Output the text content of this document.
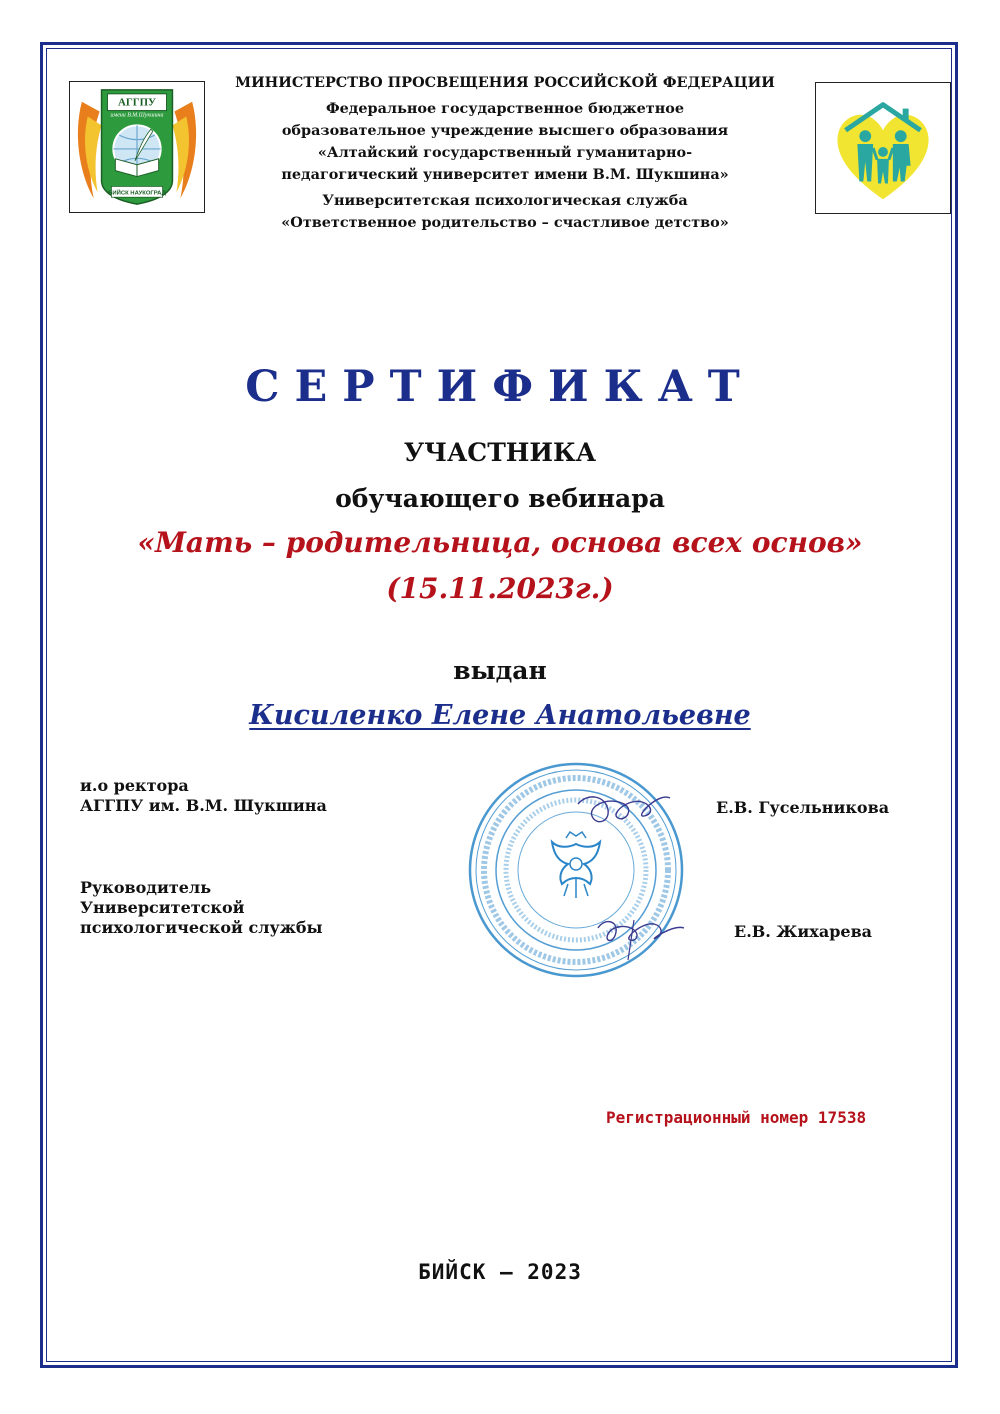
АГГПУ
имени В.М.Шукшина
БИЙСК НАУКОГРАД
МИНИСТЕРСТВО ПРОСВЕЩЕНИЯ РОССИЙСКОЙ ФЕДЕРАЦИИ
Федеральное государственное бюджетное
образовательное учреждение высшего образования
«Алтайский государственный гуманитарно-
педагогический университет имени В.М. Шукшина»
Университетская психологическая служба
«Ответственное родительство – счастливое детство»
СЕРТИФИКАТ
УЧАСТНИКА
обучающего вебинара
«Мать – родительница, основа всех основ»
(15.11.2023г.)
выдан
Кисиленко Елене Анатольевне
и.о ректора
АГГПУ им. В.М. Шукшина	Е.В. Гусельникова
Руководитель
Университетской
психологической службы	Е.В. Жихарева
Регистрационный номер 17538
БИЙСК – 2023
